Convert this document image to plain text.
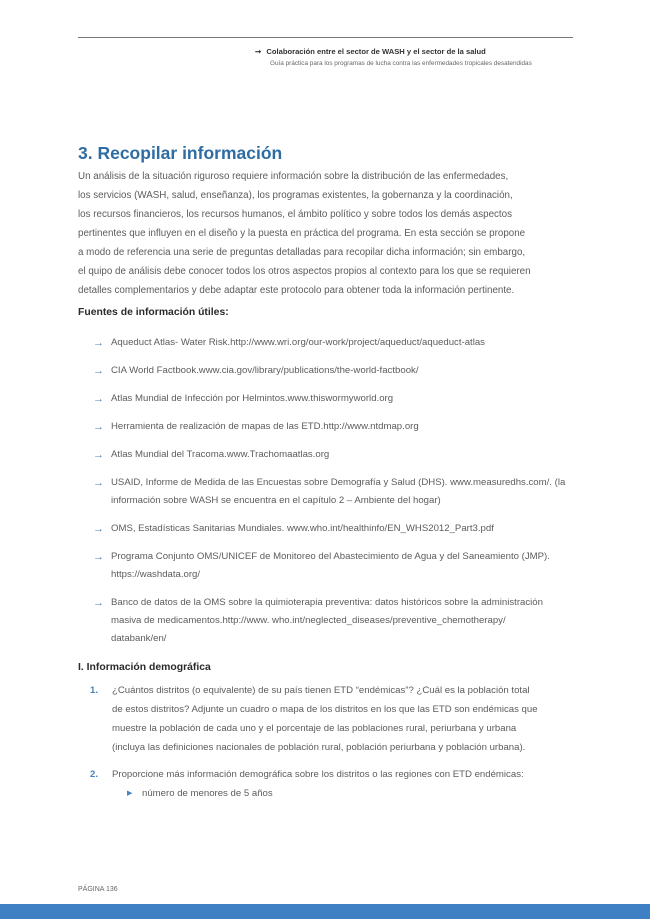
➞ Colaboración entre el sector de WASH y el sector de la salud
Guía práctica para los programas de lucha contra las enfermedades tropicales desatendidas
3. Recopilar información
Un análisis de la situación riguroso requiere información sobre la distribución de las enfermedades,
los servicios (WASH, salud, enseñanza), los programas existentes, la gobernanza y la coordinación,
los recursos financieros, los recursos humanos, el ámbito político y sobre todos los demás aspectos
pertinentes que influyen en el diseño y la puesta en práctica del programa. En esta sección se propone
a modo de referencia una serie de preguntas detalladas para recopilar dicha información; sin embargo,
el quipo de análisis debe conocer todos los otros aspectos propios al contexto para los que se requieren
detalles complementarios y debe adaptar este protocolo para obtener toda la información pertinente.
Fuentes de información útiles:
→ Aqueduct Atlas- Water Risk.http://www.wri.org/our-work/project/aqueduct/aqueduct-atlas
→ CIA World Factbook.www.cia.gov/library/publications/the-world-factbook/
→ Atlas Mundial de Infección por Helmintos.www.thiswormyworld.org
→ Herramienta de realización de mapas de las ETD.http://www.ntdmap.org
→ Atlas Mundial del Tracoma.www.Trachomaatlas.org
→ USAID, Informe de Medida de las Encuestas sobre Demografía y Salud (DHS). www.measuredhs.com/. (la
información sobre WASH se encuentra en el capítulo 2 – Ambiente del hogar)
→ OMS, Estadísticas Sanitarias Mundiales. www.who.int/healthinfo/EN_WHS2012_Part3.pdf
→ Programa Conjunto OMS/UNICEF de Monitoreo del Abastecimiento de Agua y del Saneamiento (JMP).
https://washdata.org/
→ Banco de datos de la OMS sobre la quimioterapia preventiva: datos históricos sobre la administración
masiva de medicamentos.http://www. who.int/neglected_diseases/preventive_chemotherapy/
databank/en/
I. Información demográfica
1. ¿Cuántos distritos (o equivalente) de su país tienen ETD “endémicas”? ¿Cuál es la población total
de estos distritos? Adjunte un cuadro o mapa de los distritos en los que las ETD son endémicas que
muestre la población de cada uno y el porcentaje de las poblaciones rural, periurbana y urbana
(incluya las definiciones nacionales de población rural, población periurbana y población urbana).
2. Proporcione más información demográfica sobre los distritos o las regiones con ETD endémicas:
▶ número de menores de 5 años
PÁGINA 136
